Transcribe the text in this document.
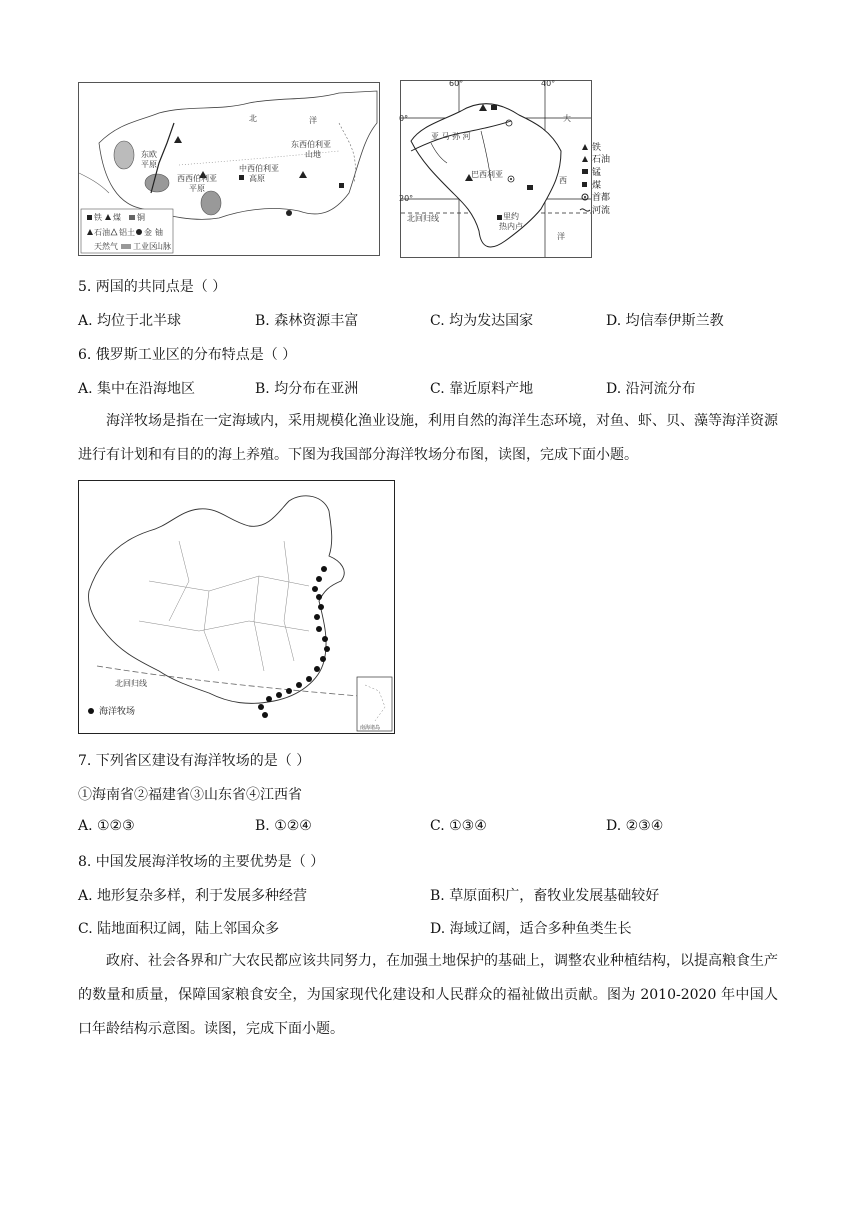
北	洋
东欧
平原
西西伯利亚
平原
中西伯利亚
高原
东西伯利亚
山地
铁 煤 铜
石油 铝土 金 铀
天然气 工业区
山脉
60°	40°
0°
20°
亚 马 孙 河
巴西利亚
里约
热内卢
北回归线
大
西
洋
铁
石油
锰
煤
首都
河流
5. 两国的共同点是（ ）
A. 均位于北半球	B. 森林资源丰富	C. 均为发达国家	D. 均信奉伊斯兰教
6. 俄罗斯工业区的分布特点是（ ）
A. 集中在沿海地区	B. 均分布在亚洲	C. 靠近原料产地	D. 沿河流分布
海洋牧场是指在一定海域内，采用规模化渔业设施，利用自然的海洋生态环境，对鱼、虾、贝、藻等海洋资源进行有计划和有目的的海上养殖。下图为我国部分海洋牧场分布图，读图，完成下面小题。
北回归线
南海诸岛
海洋牧场
7. 下列省区建设有海洋牧场的是（ ）
①海南省②福建省③山东省④江西省
A. ①②③	B. ①②④	C. ①③④	D. ②③④
8. 中国发展海洋牧场的主要优势是（ ）
A. 地形复杂多样，利于发展多种经营	B. 草原面积广，畜牧业发展基础较好
C. 陆地面积辽阔，陆上邻国众多	D. 海域辽阔，适合多种鱼类生长
政府、社会各界和广大农民都应该共同努力，在加强土地保护的基础上，调整农业种植结构，以提高粮食生产的数量和质量，保障国家粮食安全，为国家现代化建设和人民群众的福祉做出贡献。图为 2010-2020 年中国人口年龄结构示意图。读图，完成下面小题。
